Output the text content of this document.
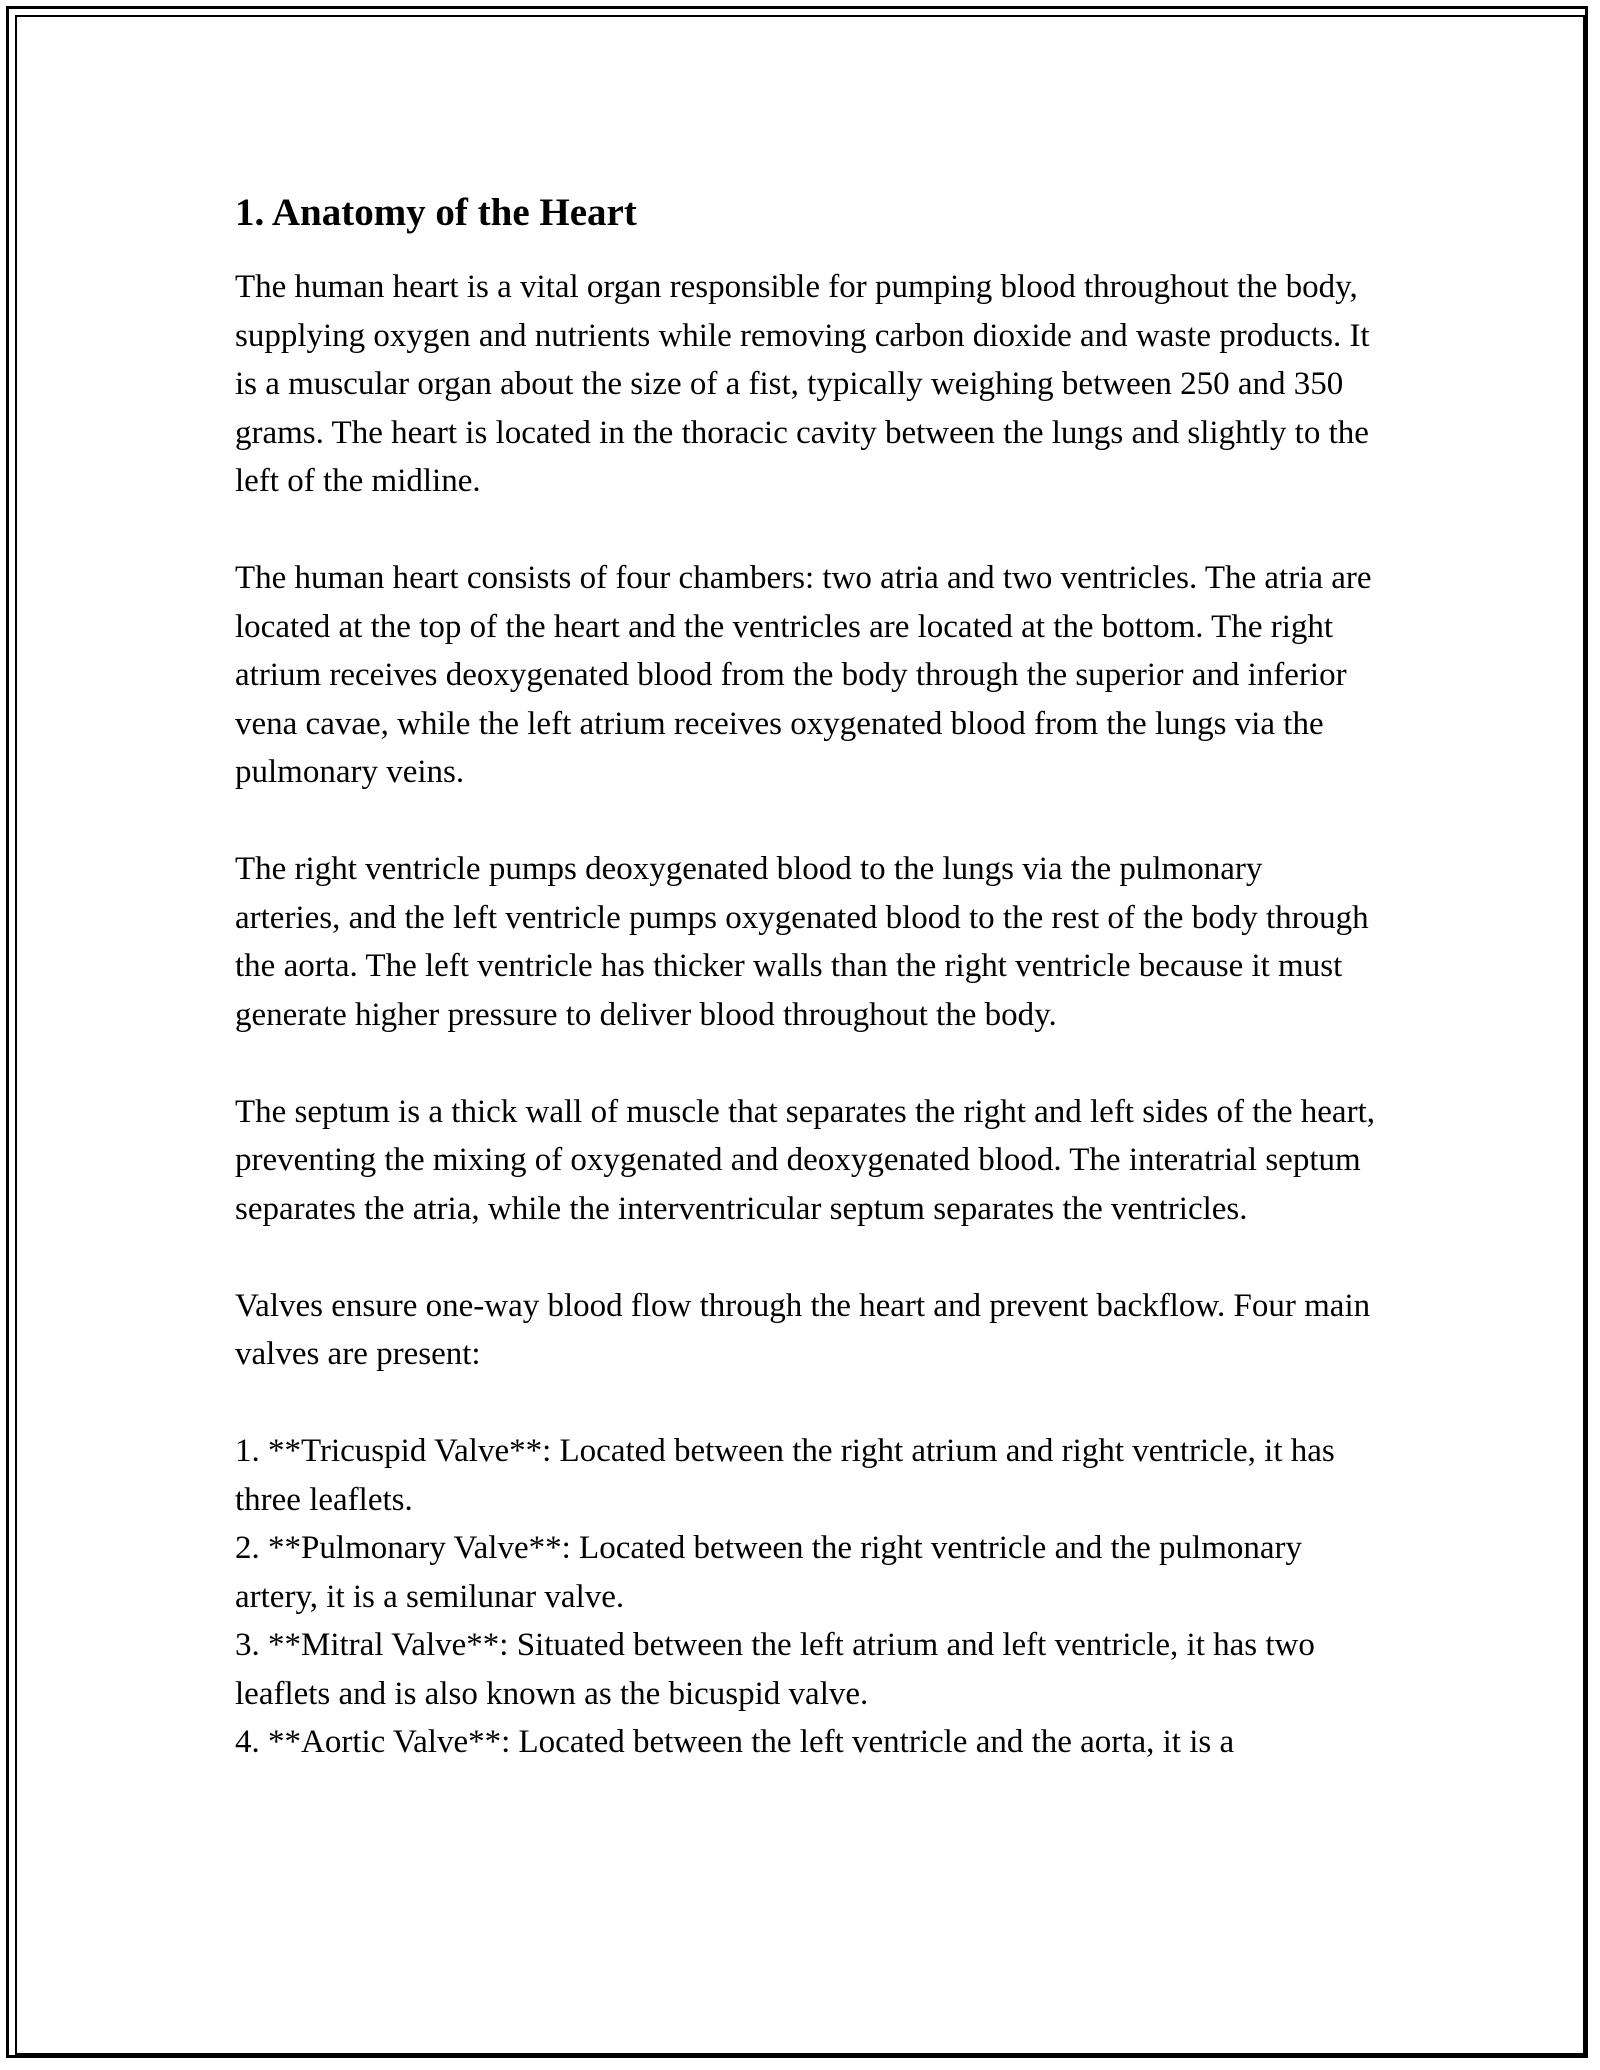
1. Anatomy of the Heart

The human heart is a vital organ responsible for pumping blood throughout the body, supplying oxygen and nutrients while removing carbon dioxide and waste products. It is a muscular organ about the size of a fist, typically weighing between 250 and 350 grams. The heart is located in the thoracic cavity between the lungs and slightly to the left of the midline.

The human heart consists of four chambers: two atria and two ventricles. The atria are located at the top of the heart and the ventricles are located at the bottom. The right atrium receives deoxygenated blood from the body through the superior and inferior vena cavae, while the left atrium receives oxygenated blood from the lungs via the pulmonary veins.

The right ventricle pumps deoxygenated blood to the lungs via the pulmonary arteries, and the left ventricle pumps oxygenated blood to the rest of the body through the aorta. The left ventricle has thicker walls than the right ventricle because it must generate higher pressure to deliver blood throughout the body.

The septum is a thick wall of muscle that separates the right and left sides of the heart, preventing the mixing of oxygenated and deoxygenated blood. The interatrial septum separates the atria, while the interventricular septum separates the ventricles.

Valves ensure one-way blood flow through the heart and prevent backflow. Four main valves are present:

1. **Tricuspid Valve**: Located between the right atrium and right ventricle, it has three leaflets.

2. **Pulmonary Valve**: Located between the right ventricle and the pulmonary artery, it is a semilunar valve.

3. **Mitral Valve**: Situated between the left atrium and left ventricle, it has two leaflets and is also known as the bicuspid valve.

4. **Aortic Valve**: Located between the left ventricle and the aorta, it is a
